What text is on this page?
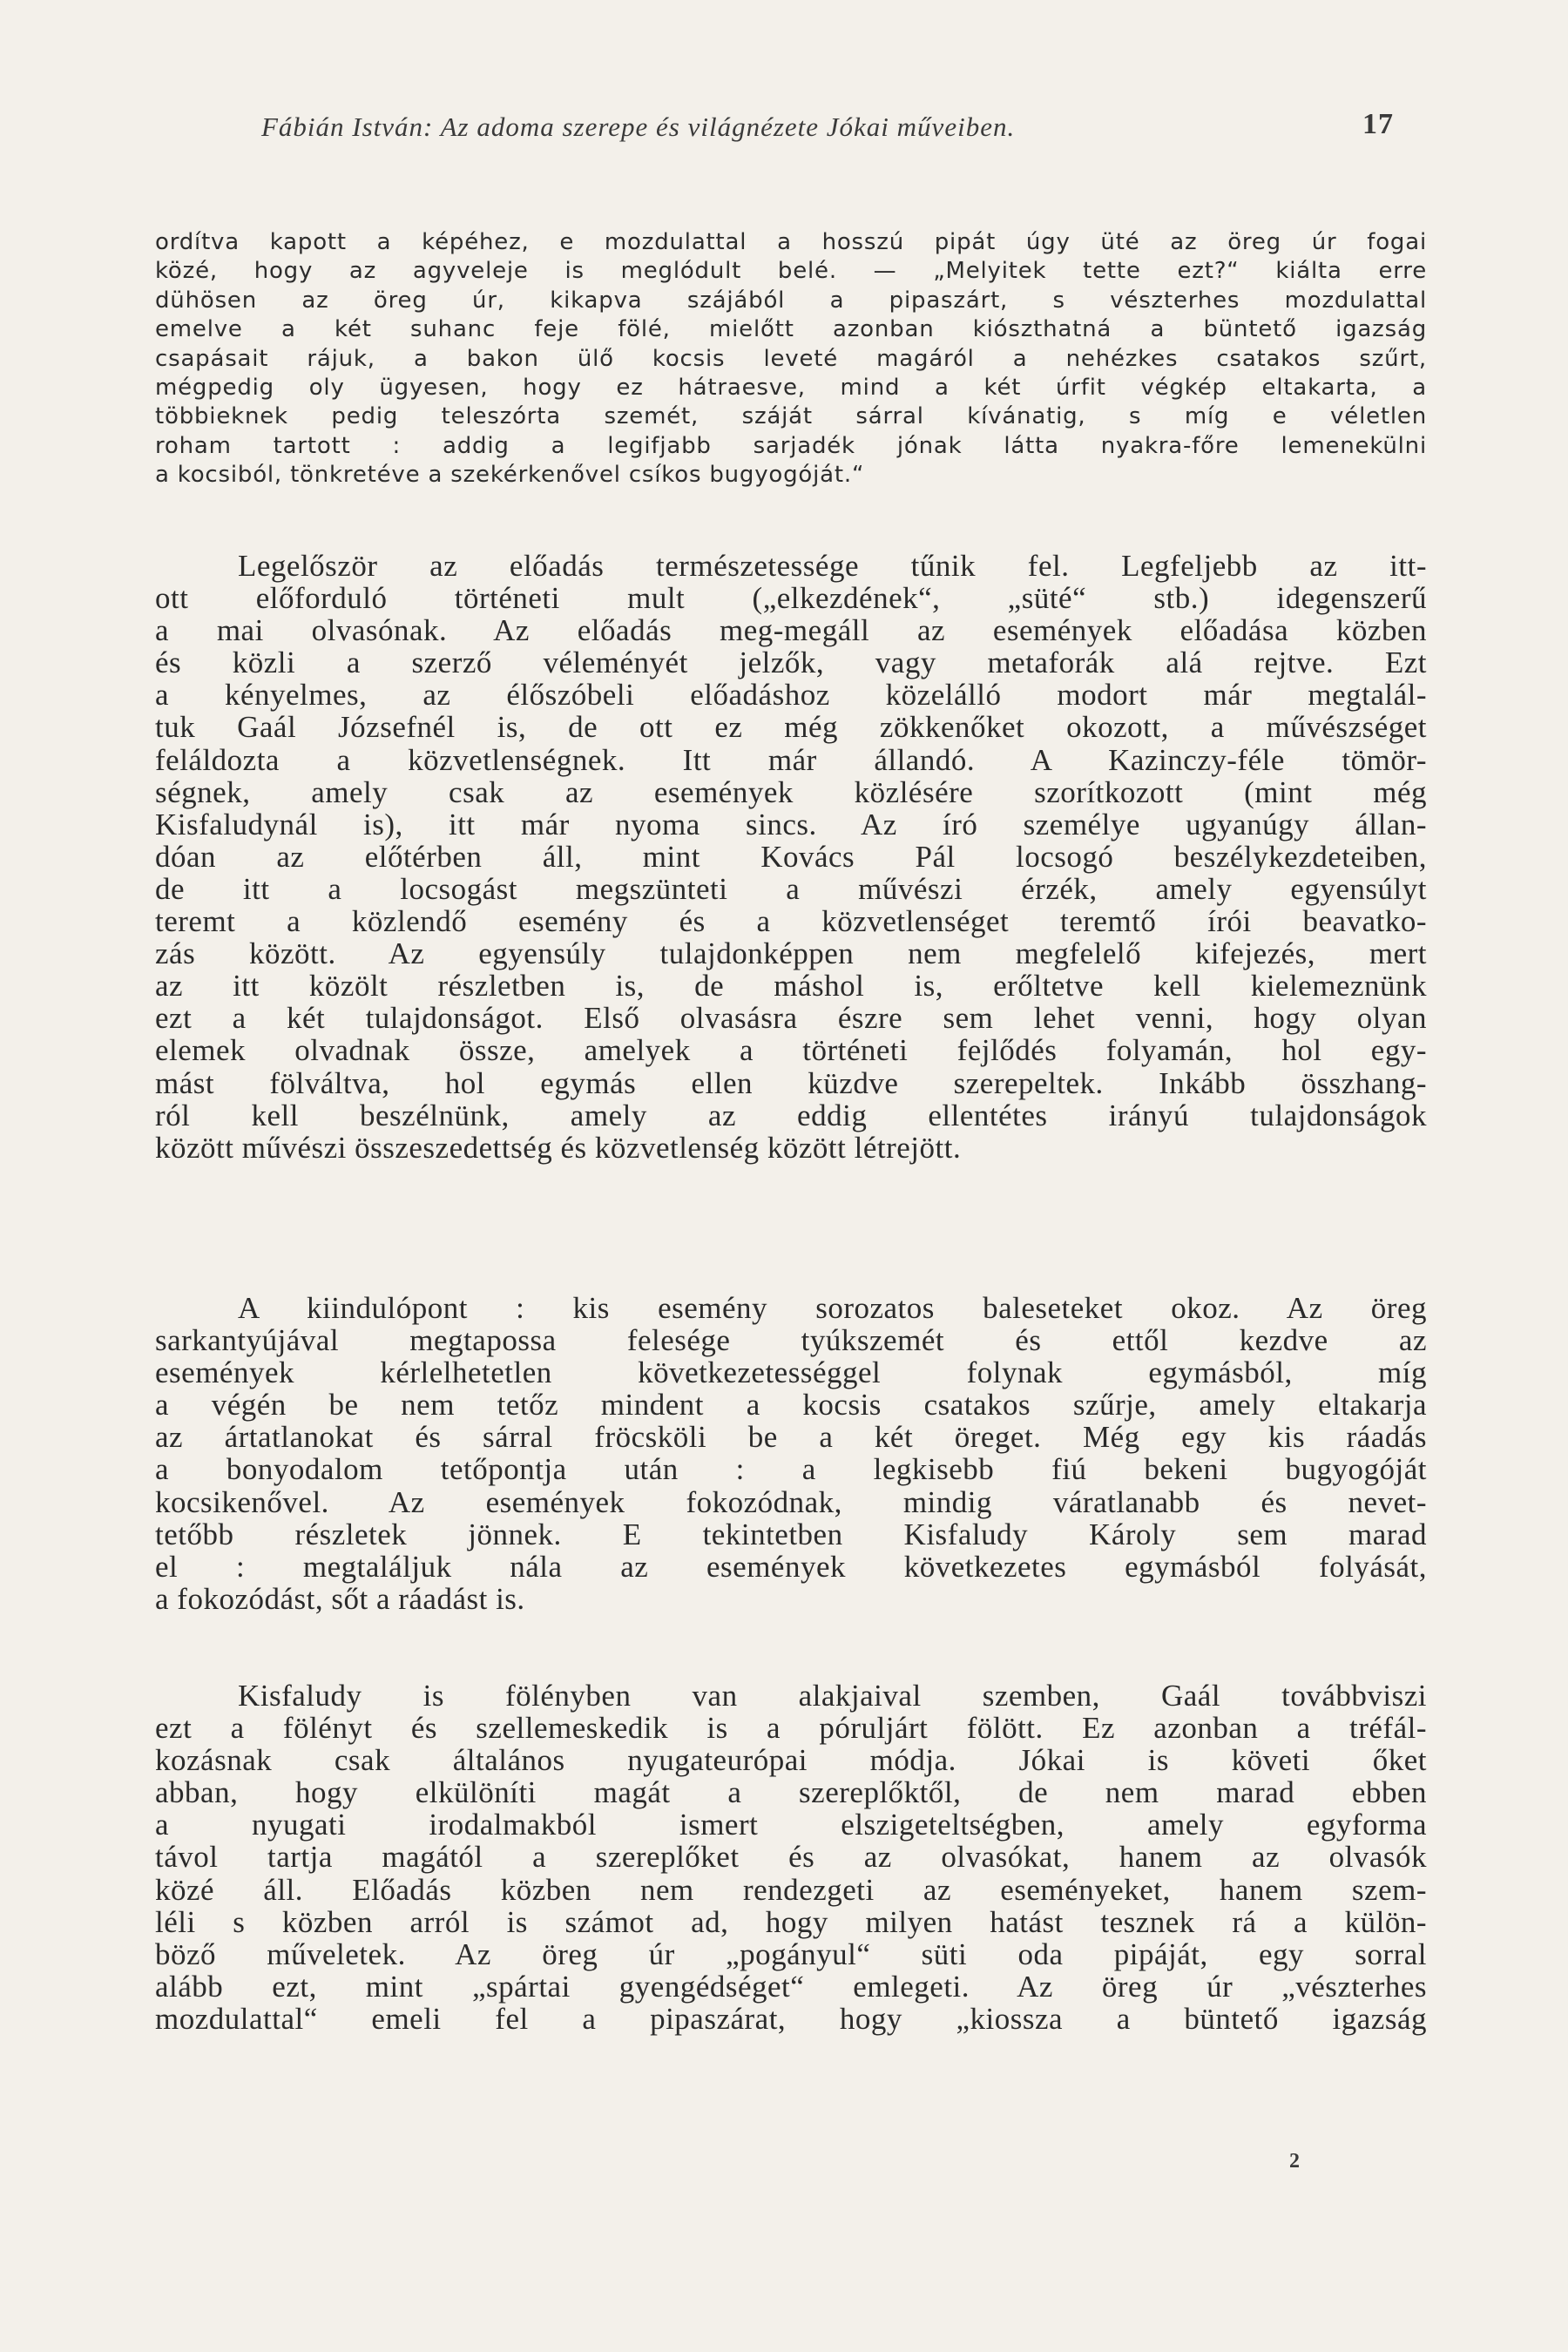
Fábián István: Az adoma szerepe és világnézete Jókai műveiben.	17
ordítva kapott a képéhez, e mozdulattal a hosszú pipát úgy üté az öreg úr fogai
közé, hogy az agyveleje is meglódult belé. — „Melyitek tette ezt?“ kiálta erre
dühösen az öreg úr, kikapva szájából a pipaszárt, s vészterhes mozdulattal
emelve a két suhanc feje fölé, mielőtt azonban kiószthatná a büntető igazság
csapásait rájuk, a bakon ülő kocsis leveté magáról a nehézkes csatakos szűrt,
mégpedig oly ügyesen, hogy ez hátraesve, mind a két úrfit végkép eltakarta, a
többieknek pedig teleszórta szemét, száját sárral kívánatig, s míg e véletlen
roham tartott : addig a legifjabb sarjadék jónak látta nyakra-főre lemenekülni
a kocsiból, tönkretéve a szekérkenővel csíkos bugyogóját.“
Legelőször az előadás természetessége tűnik fel. Legfeljebb az itt-
ott előforduló történeti mult („elkezdének“, „süté“ stb.) idegenszerű
a mai olvasónak. Az előadás meg-megáll az események előadása közben
és közli a szerző véleményét jelzők, vagy metaforák alá rejtve. Ezt
a kényelmes, az élőszóbeli előadáshoz közelálló modort már megtalál-
tuk Gaál Józsefnél is, de ott ez még zökkenőket okozott, a művészséget
feláldozta a közvetlenségnek. Itt már állandó. A Kazinczy-féle tömör-
ségnek, amely csak az események közlésére szorítkozott (mint még
Kisfaludynál is), itt már nyoma sincs. Az író személye ugyanúgy állan-
dóan az előtérben áll, mint Kovács Pál locsogó beszélykezdeteiben,
de itt a locsogást megszünteti a művészi érzék, amely egyensúlyt
teremt a közlendő esemény és a közvetlenséget teremtő írói beavatko-
zás között. Az egyensúly tulajdonképpen nem megfelelő kifejezés, mert
az itt közölt részletben is, de máshol is, erőltetve kell kielemeznünk
ezt a két tulajdonságot. Első olvasásra észre sem lehet venni, hogy olyan
elemek olvadnak össze, amelyek a történeti fejlődés folyamán, hol egy-
mást fölváltva, hol egymás ellen küzdve szerepeltek. Inkább összhang-
ról kell beszélnünk, amely az eddig ellentétes irányú tulajdonságok
között művészi összeszedettség és közvetlenség között létrejött.
A kiindulópont : kis esemény sorozatos baleseteket okoz. Az öreg
sarkantyújával megtapossa felesége tyúkszemét és ettől kezdve az
események kérlelhetetlen következetességgel folynak egymásból, míg
a végén be nem tetőz mindent a kocsis csatakos szűrje, amely eltakarja
az ártatlanokat és sárral fröcsköli be a két öreget. Még egy kis ráadás
a bonyodalom tetőpontja után : a legkisebb fiú bekeni bugyogóját
kocsikenővel. Az események fokozódnak, mindig váratlanabb és nevet-
tetőbb részletek jönnek. E tekintetben Kisfaludy Károly sem marad
el : megtaláljuk nála az események következetes egymásból folyását,
a fokozódást, sőt a ráadást is.
Kisfaludy is fölényben van alakjaival szemben, Gaál továbbviszi
ezt a fölényt és szellemeskedik is a póruljárt fölött. Ez azonban a tréfál-
kozásnak csak általános nyugateurópai módja. Jókai is követi őket
abban, hogy elkülöníti magát a szereplőktől, de nem marad ebben
a nyugati irodalmakból ismert elszigeteltségben, amely egyforma
távol tartja magától a szereplőket és az olvasókat, hanem az olvasók
közé áll. Előadás közben nem rendezgeti az eseményeket, hanem szem-
léli s közben arról is számot ad, hogy milyen hatást tesznek rá a külön-
böző műveletek. Az öreg úr „pogányul“ süti oda pipáját, egy sorral
alább ezt, mint „spártai gyengédséget“ emlegeti. Az öreg úr „vészterhes
mozdulattal“ emeli fel a pipaszárat, hogy „kiossza a büntető igazság
2
